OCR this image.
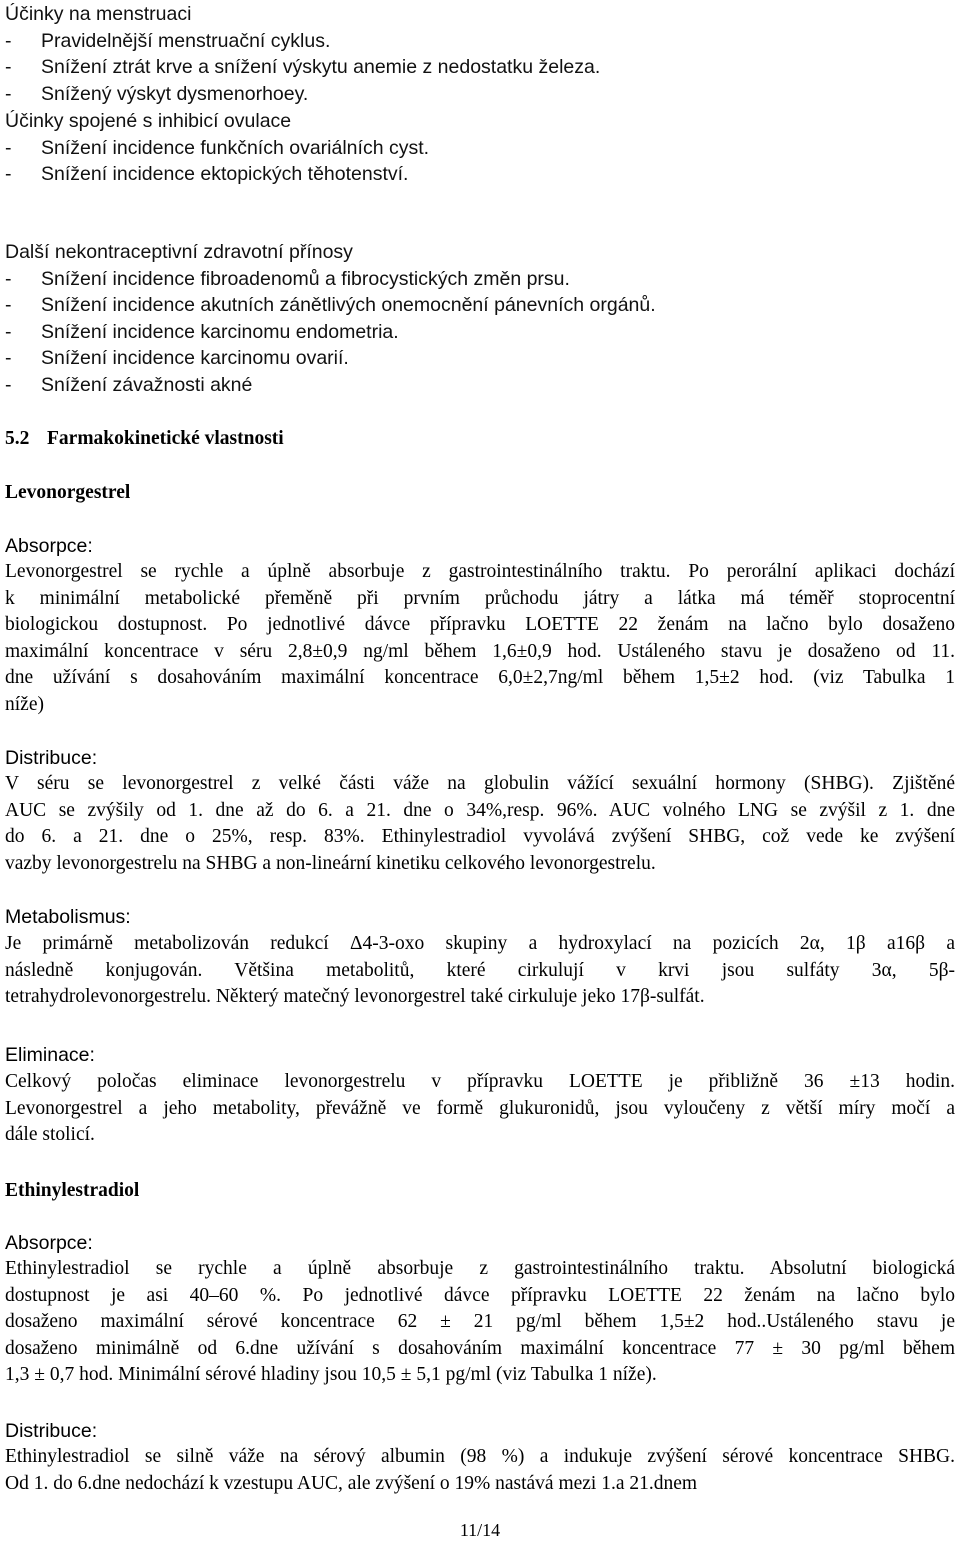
Účinky na menstruaci
- Pravidelnější menstruační cyklus.
- Snížení ztrát krve a snížení výskytu anemie z nedostatku železa.
- Snížený výskyt dysmenorhoey.
Účinky spojené s inhibicí ovulace
- Snížení incidence funkčních ovariálních cyst.
- Snížení incidence ektopických těhotenství.
Další nekontraceptivní zdravotní přínosy
- Snížení incidence fibroadenomů a fibrocystických změn prsu.
- Snížení incidence akutních zánětlivých onemocnění pánevních orgánů.
- Snížení incidence karcinomu endometria.
- Snížení incidence karcinomu ovarií.
- Snížení závažnosti akné
5.2 Farmakokinetické vlastnosti
Levonorgestrel
Absorpce:
Levonorgestrel se rychle a úplně absorbuje z gastrointestinálního traktu. Po perorální aplikaci dochází
k minimální metabolické přeměně při prvním průchodu játry a látka má téměř stoprocentní
biologickou dostupnost. Po jednotlivé dávce přípravku LOETTE 22 ženám na lačno bylo dosaženo
maximální koncentrace v séru 2,8±0,9 ng/ml během 1,6±0,9 hod. Ustáleného stavu je dosaženo od 11.
dne užívání s dosahováním maximální koncentrace 6,0±2,7ng/ml během 1,5±2 hod. (viz Tabulka 1
níže)
Distribuce:
V séru se levonorgestrel z velké části váže na globulin vážící sexuální hormony (SHBG). Zjištěné
AUC se zvýšily od 1. dne až do 6. a 21. dne o 34%,resp. 96%. AUC volného LNG se zvýšil z 1. dne
do 6. a 21. dne o 25%, resp. 83%. Ethinylestradiol vyvolává zvýšení SHBG, což vede ke zvýšení
vazby levonorgestrelu na SHBG a non-lineární kinetiku celkového levonorgestrelu.
Metabolismus:
Je primárně metabolizován redukcí Δ4-3-oxo skupiny a hydroxylací na pozicích 2α, 1β a16β a
následně konjugován. Většina metabolitů, které cirkulují v krvi jsou sulfáty 3α, 5β-
tetrahydrolevonorgestrelu. Některý matečný levonorgestrel také cirkuluje jeko 17β-sulfát.
Eliminace:
Celkový poločas eliminace levonorgestrelu v přípravku LOETTE je přibližně 36 ±13 hodin.
Levonorgestrel a jeho metabolity, převážně ve formě glukuronidů, jsou vyloučeny z větší míry močí a
dále stolicí.
Ethinylestradiol
Absorpce:
Ethinylestradiol se rychle a úplně absorbuje z gastrointestinálního traktu. Absolutní biologická
dostupnost je asi 40‒60 %. Po jednotlivé dávce přípravku LOETTE 22 ženám na lačno bylo
dosaženo maximální sérové koncentrace 62 ± 21 pg/ml během 1,5±2 hod..Ustáleného stavu je
dosaženo minimálně od 6.dne užívání s dosahováním maximální koncentrace 77 ± 30 pg/ml během
1,3 ± 0,7 hod. Minimální sérové hladiny jsou 10,5 ± 5,1 pg/ml (viz Tabulka 1 níže).
Distribuce:
Ethinylestradiol se silně váže na sérový albumin (98 %) a indukuje zvýšení sérové koncentrace SHBG.
Od 1. do 6.dne nedochází k vzestupu AUC, ale zvýšení o 19% nastává mezi 1.a 21.dnem
11/14
